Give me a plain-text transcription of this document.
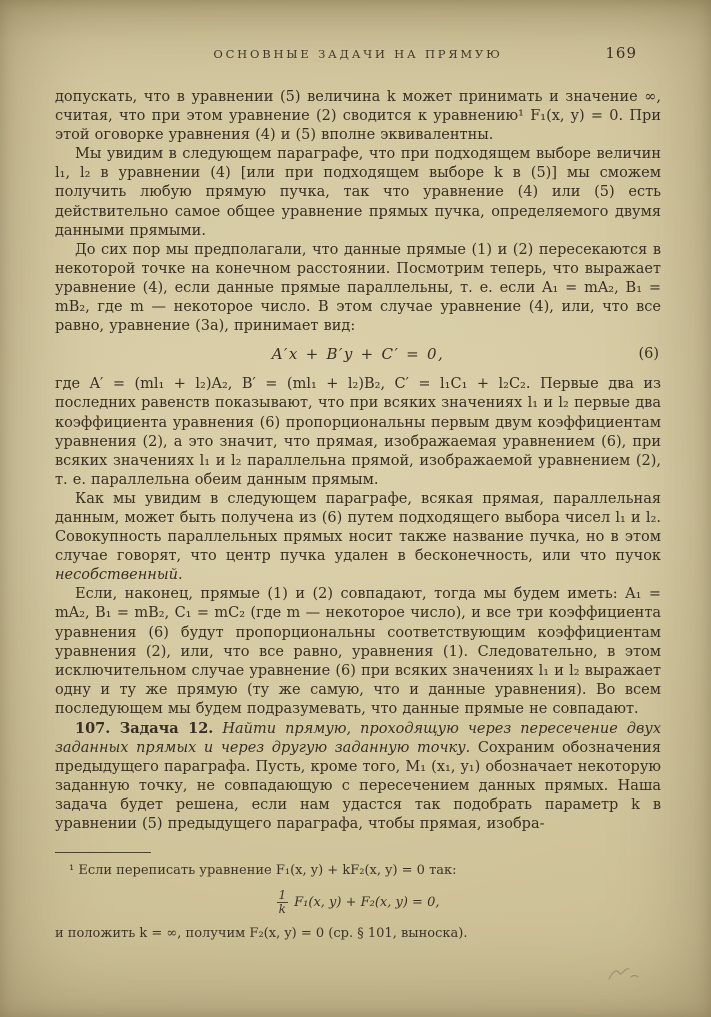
ОСНОВНЫЕ ЗАДАЧИ НА ПРЯМУЮ	169

допускать, что в уравнении (5) величина k может принимать и значение ∞, считая, что при этом уравнение (2) сводится к уравнению¹ F₁(x, y) = 0. При этой оговорке уравнения (4) и (5) вполне эквивалентны.

Мы увидим в следующем параграфе, что при подходящем выборе величин l₁, l₂ в уравнении (4) [или при подходящем выборе k в (5)] мы сможем получить любую прямую пучка, так что уравнение (4) или (5) есть действительно самое общее уравнение прямых пучка, определяемого двумя данными прямыми.

До сих пор мы предполагали, что данные прямые (1) и (2) пересекаются в некоторой точке на конечном расстоянии. Посмотрим теперь, что выражает уравнение (4), если данные прямые параллельны, т. е. если A₁ = mA₂, B₁ = mB₂, где m — некоторое число. В этом случае уравнение (4), или, что все равно, уравнение (3а), принимает вид:

A′x + B′y + C′ = 0,	(6)

где A′ = (ml₁ + l₂)A₂, B′ = (ml₁ + l₂)B₂, C′ = l₁C₁ + l₂C₂. Первые два из последних равенств показывают, что при всяких значениях l₁ и l₂ первые два коэффициента уравнения (6) пропорциональны первым двум коэффициентам уравнения (2), а это значит, что прямая, изображаемая уравнением (6), при всяких значениях l₁ и l₂ параллельна прямой, изображаемой уравнением (2), т. е. параллельна обеим данным прямым.

Как мы увидим в следующем параграфе, всякая прямая, параллельная данным, может быть получена из (6) путем подходящего выбора чисел l₁ и l₂. Совокупность параллельных прямых носит также название пучка, но в этом случае говорят, что центр пучка удален в бесконечность, или что пучок несобственный.

Если, наконец, прямые (1) и (2) совпадают, тогда мы будем иметь: A₁ = mA₂, B₁ = mB₂, C₁ = mC₂ (где m — некоторое число), и все три коэффициента уравнения (6) будут пропорциональны соответствующим коэффициентам уравнения (2), или, что все равно, уравнения (1). Следовательно, в этом исключительном случае уравнение (6) при всяких значениях l₁ и l₂ выражает одну и ту же прямую (ту же самую, что и данные уравнения). Во всем последующем мы будем подразумевать, что данные прямые не совпадают.

107. Задача 12. Найти прямую, проходящую через пересечение двух заданных прямых и через другую заданную точку. Сохраним обозначения предыдущего параграфа. Пусть, кроме того, M₁ (x₁, y₁) обозначает некоторую заданную точку, не совпадающую с пересечением данных прямых. Наша задача будет решена, если нам удастся так подобрать параметр k в уравнении (5) предыдущего параграфа, чтобы прямая, изобра-

¹ Если переписать уравнение F₁(x, y) + kF₂(x, y) = 0 так:

$\frac{1}{k} F_1(x$, y) + F₂(x, y) = 0,

и положить k = ∞, получим F₂(x, y) = 0 (ср. § 101, выноска).
